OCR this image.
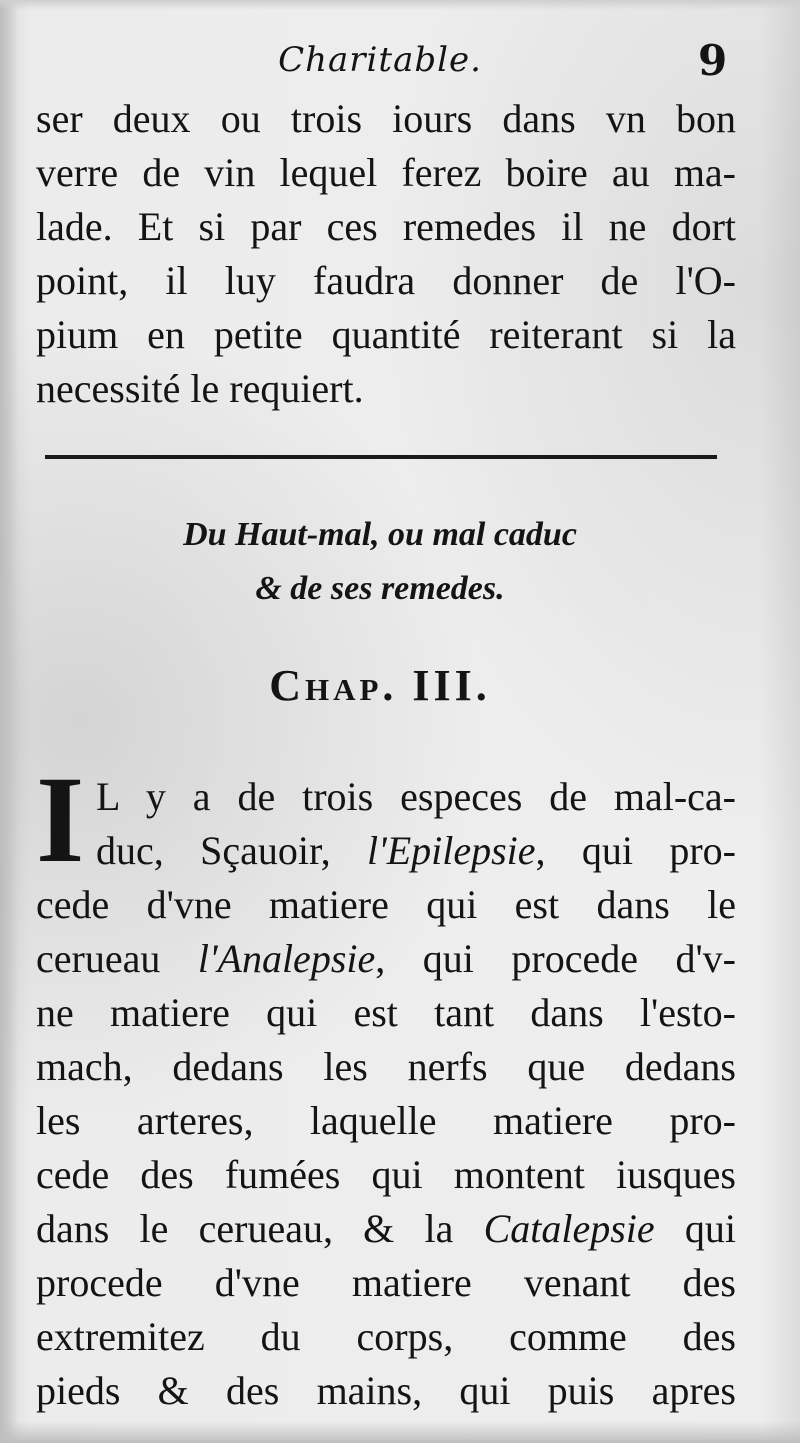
Charitable.	9
ser deux ou trois iours dans vn bon
verre de vin lequel ferez boire au ma-
lade. Et si par ces remedes il ne dort
point, il luy faudra donner de l'O-
pium en petite quantité reiterant si la
necessité le requiert.
Du Haut-mal, ou mal caduc
& de ses remedes.
Chap. III.
I L y a de trois especes de mal-ca-
duc, Sçauoir, l'Epilepsie, qui pro-
cede d'vne matiere qui est dans le
cerueau l'Analepsie, qui procede d'v-
ne matiere qui est tant dans l'esto-
mach, dedans les nerfs que dedans
les arteres, laquelle matiere pro-
cede des fumées qui montent iusques
dans le cerueau, & la Catalepsie qui
procede d'vne matiere venant des
extremitez du corps, comme des
pieds & des mains, qui puis apres
